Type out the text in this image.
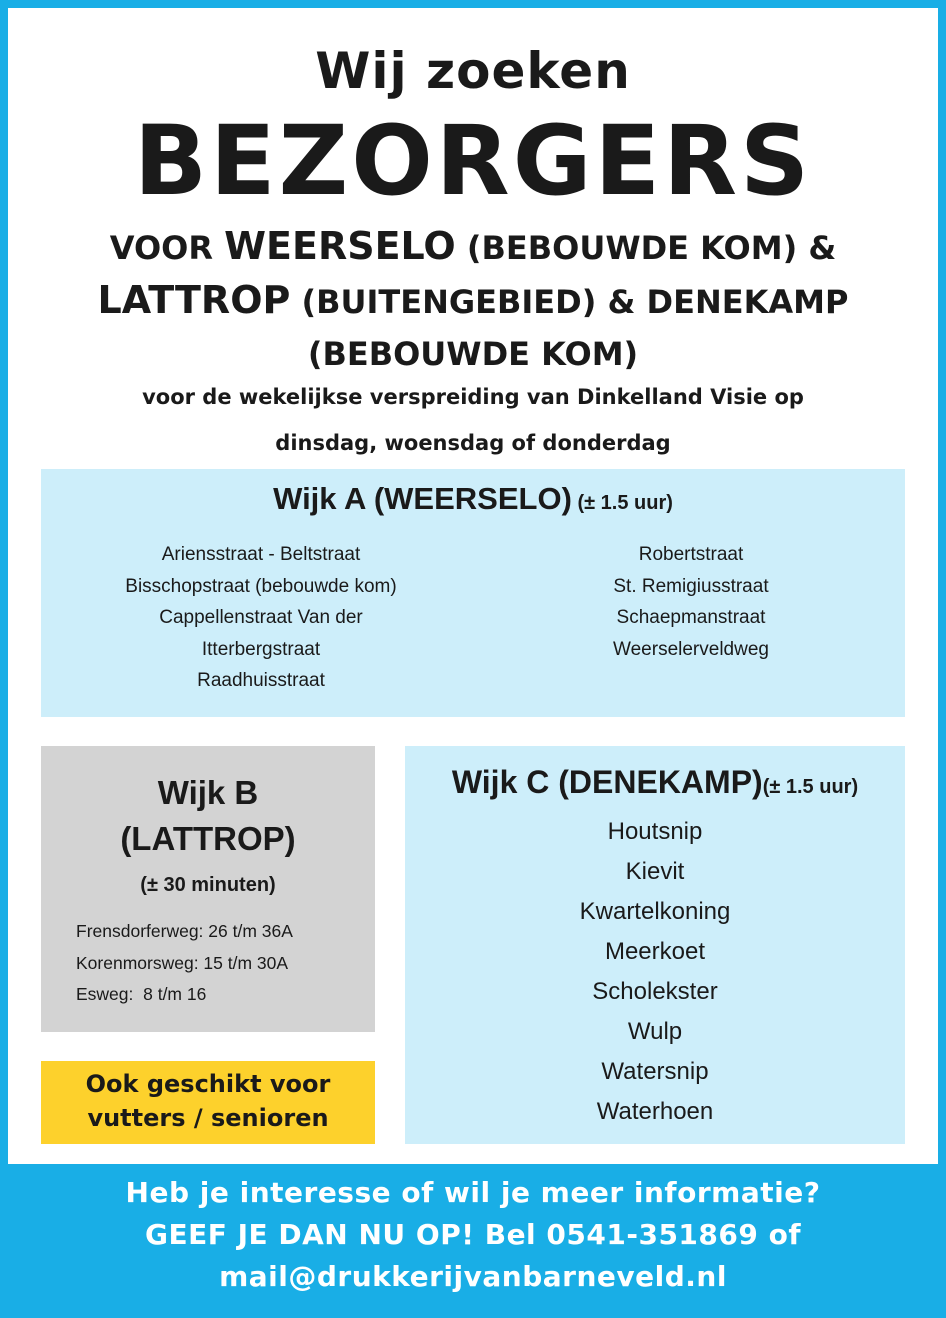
Wij zoeken
BEZORGERS
VOOR WEERSELO (BEBOUWDE KOM) &
LATTROP (BUITENGEBIED) & DENEKAMP
(BEBOUWDE KOM)
voor de wekelijkse verspreiding van Dinkelland Visie op
dinsdag, woensdag of donderdag
Wijk A (WEERSELO) (± 1.5 uur)
Ariensstraat - Beltstraat
Bisschopstraat (bebouwde kom)
Cappellenstraat Van der
Itterbergstraat
Raadhuisstraat
Robertstraat
St. Remigiusstraat
Schaepmanstraat
Weerselerveldweg
Wijk B
(LATTROP)
(± 30 minuten)
Frensdorferweg: 26 t/m 36A
Korenmorsweg: 15 t/m 30A
Esweg:  8 t/m 16
Wijk C (DENEKAMP)(± 1.5 uur)
Houtsnip
Kievit
Kwartelkoning
Meerkoet
Scholekster
Wulp
Watersnip
Waterhoen
Ook geschikt voor
vutters / senioren
Heb je interesse of wil je meer informatie?
GEEF JE DAN NU OP! Bel 0541-351869 of
mail@drukkerijvanbarneveld.nl
